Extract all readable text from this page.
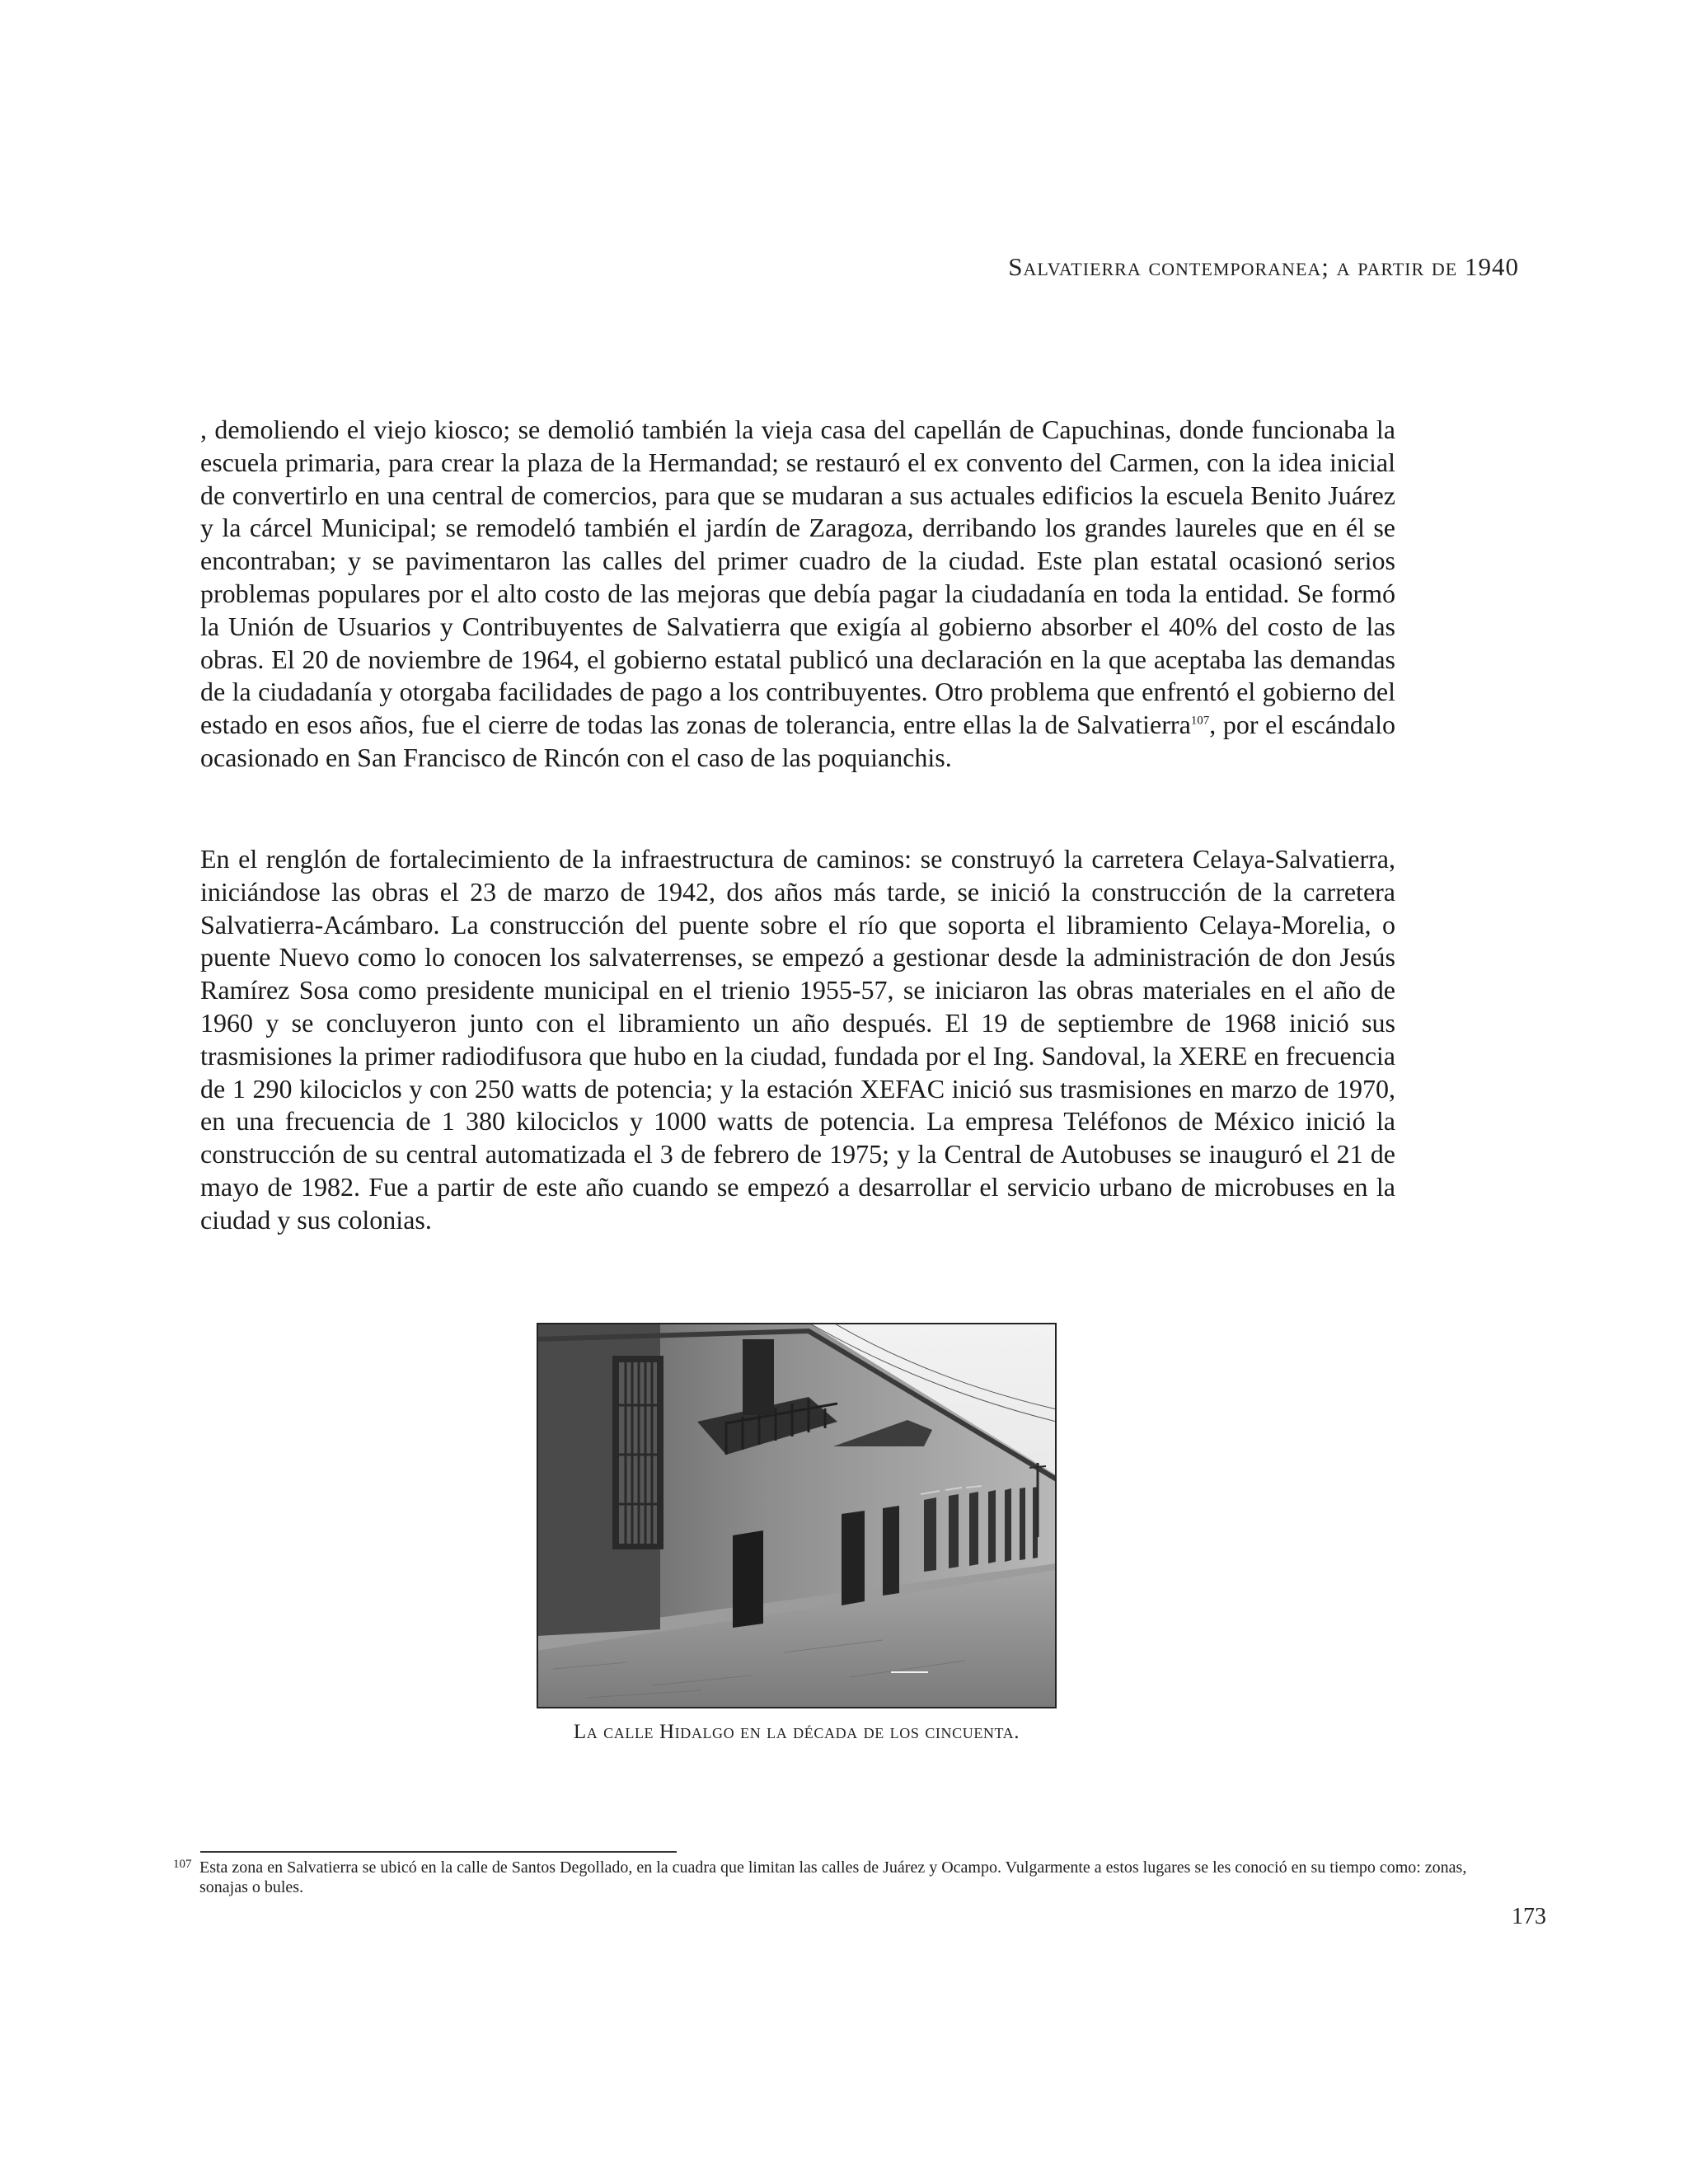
Salvatierra contemporanea; a partir de 1940

, demoliendo el viejo kiosco; se demolió también la vieja casa del capellán de Capuchinas, donde funcionaba la escuela primaria, para crear la plaza de la Hermandad; se restauró el ex convento del Carmen, con la idea inicial de convertirlo en una central de comercios, para que se mudaran a sus actuales edificios la escuela Benito Juárez y la cárcel Municipal; se remodeló también el jardín de Zaragoza, derribando los grandes laureles que en él se encontraban; y se pavimentaron las calles del primer cuadro de la ciudad. Este plan estatal ocasionó serios problemas populares por el alto costo de las mejoras que debía pagar la ciudadanía en toda la entidad. Se formó la Unión de Usuarios y Contribuyentes de Salvatierra que exigía al gobierno absorber el 40% del costo de las obras. El 20 de noviembre de 1964, el gobierno estatal publicó una declaración en la que aceptaba las demandas de la ciudadanía y otorgaba facilidades de pago a los contribuyentes. Otro problema que enfrentó el gobierno del estado en esos años, fue el cierre de todas las zonas de tolerancia, entre ellas la de Salvatierra$^{107}$, por el escándalo ocasionado en San Francisco de Rincón con el caso de las poquianchis.

En el renglón de fortalecimiento de la infraestructura de caminos: se construyó la carretera Celaya-Salvatierra, iniciándose las obras el 23 de marzo de 1942, dos años más tarde, se inició la construcción de la carretera Salvatierra-Acámbaro. La construcción del puente sobre el río que soporta el libramiento Celaya-Morelia, o puente Nuevo como lo conocen los salvaterrenses, se empezó a gestionar desde la administración de don Jesús Ramírez Sosa como presidente municipal en el trienio 1955-57, se iniciaron las obras materiales en el año de 1960 y se concluyeron junto con el libramiento un año después. El 19 de septiembre de 1968 inició sus trasmisiones la primer radiodifusora que hubo en la ciudad, fundada por el Ing. Sandoval, la XERE en frecuencia de 1 290 kilociclos y con 250 watts de potencia; y la estación XEFAC inició sus trasmisiones en marzo de 1970, en una frecuencia de 1 380 kilociclos y 1000 watts de potencia. La empresa Teléfonos de México inició la construcción de su central automatizada el 3 de febrero de 1975; y la Central de Autobuses se inauguró el 21 de mayo de 1982. Fue a partir de este año cuando se empezó a desarrollar el servicio urbano de microbuses en la ciudad y sus colonias.

La calle Hidalgo en la década de los cincuenta.
107 Esta zona en Salvatierra se ubicó en la calle de Santos Degollado, en la cuadra que limitan las calles de Juárez y Ocampo. Vulgarmente a estos lugares se les conoció en su tiempo como: zonas, sonajas o bules.
173
